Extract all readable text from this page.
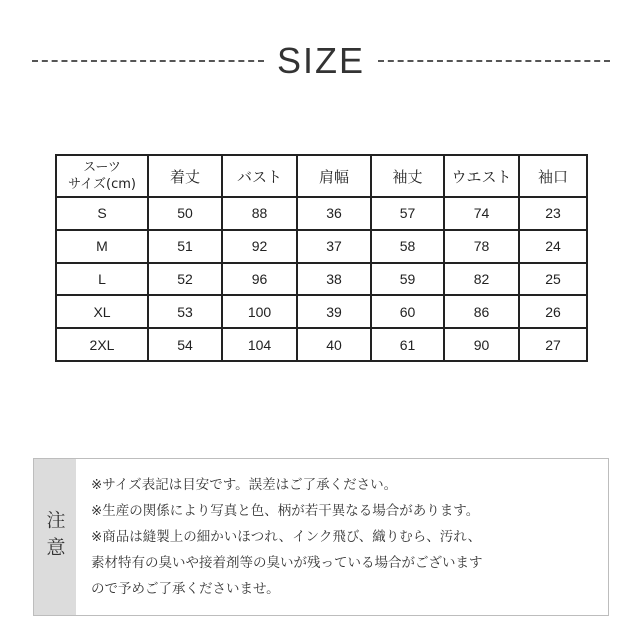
SIZE
スーツ
サイズ(cm)	着丈	バスト	肩幅	袖丈	ウエスト	袖口
S	50	88	36	57	74	23
M	51	92	37	58	78	24
L	52	96	38	59	82	25
XL	53	100	39	60	86	26
2XL	54	104	40	61	90	27
注意
※サイズ表記は目安です。誤差はご了承ください。
※生産の関係により写真と色、柄が若干異なる場合があります。
※商品は縫製上の細かいほつれ、インク飛び、織りむら、汚れ、
素材特有の臭いや接着剤等の臭いが残っている場合がございます
ので予めご了承くださいませ。
